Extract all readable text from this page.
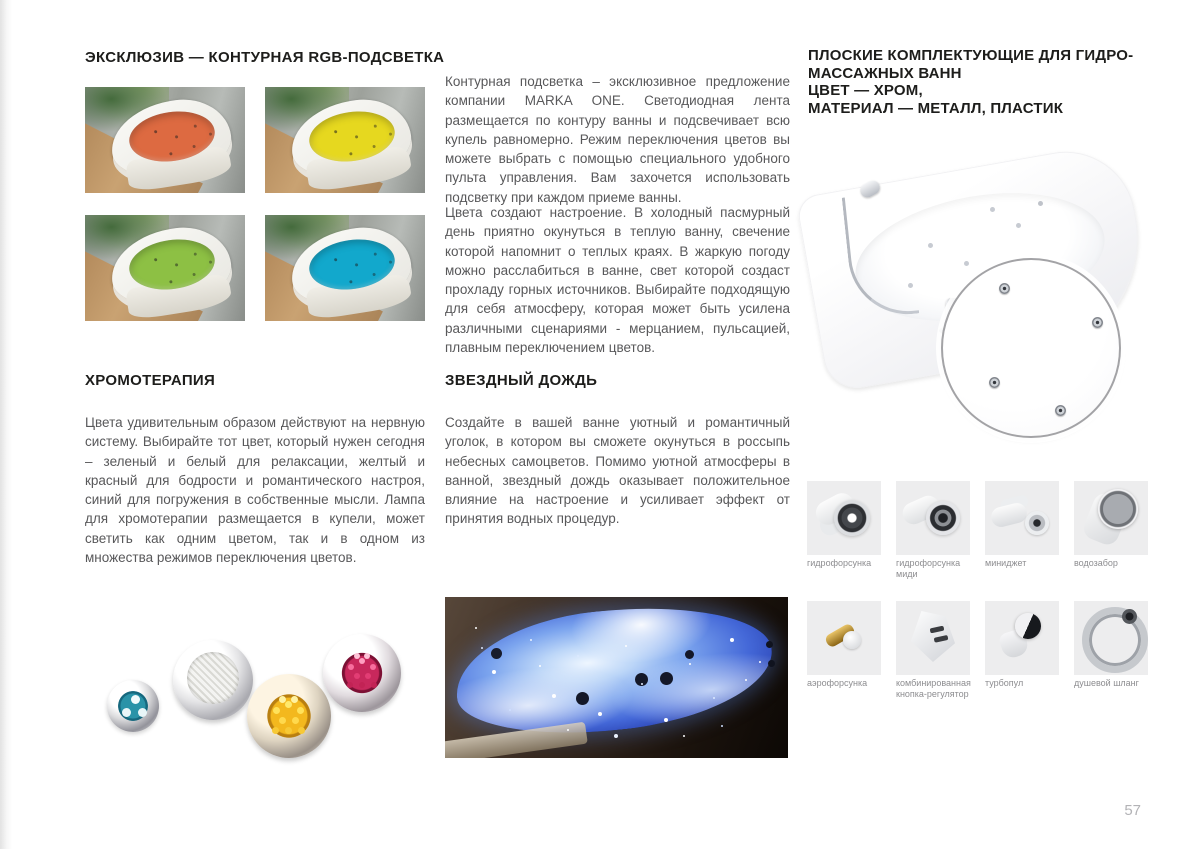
ЭКСКЛЮЗИВ — КОНТУРНАЯ RGB-ПОДСВЕТКА
ХРОМОТЕРАПИЯ

Цвета удивительным образом действуют на нервную систему. Выбирайте тот цвет, который нужен сегодня – зеленый и белый для релаксации, желтый и красный для бодрости и романтического настроя, синий для погружения в собственные мысли. Лампа для хромотерапии размещается в купели, может светить как одним цветом, так и в одном из множества режимов переключения цветов.

Контурная подсветка – эксклюзивное предложение компании MARKA ONE. Светодиодная лента размещается по контуру ванны и подсвечивает всю купель равномерно. Режим переключения цветов вы можете выбрать с помощью специального удобного пульта управления. Вам захочется использовать подсветку при каждом приеме ванны.

Цвета создают настроение. В холодный пасмурный день приятно окунуться в теплую ванну, свечение которой напомнит о теплых краях. В жаркую погоду можно расслабиться в ванне, свет которой создаст прохладу горных источников. Выбирайте подходящую для себя атмосферу, которая может быть усилена различными сценариями - мерцанием, пульсацией, плавным переключением цветов.

ЗВЕЗДНЫЙ ДОЖДЬ

Создайте в вашей ванне уютный и романтичный уголок, в котором вы сможете окунуться в россыпь небесных самоцветов. Помимо уютной атмосферы в ванной, звездный дождь оказывает положительное влияние на настроение и усиливает эффект от принятия водных процедур.

ПЛОСКИЕ КОМПЛЕКТУЮЩИЕ ДЛЯ ГИДРО-
МАССАЖНЫХ ВАНН
ЦВЕТ — ХРОМ,
МАТЕРИАЛ — МЕТАЛЛ, ПЛАСТИК
гидрофорсунка	гидрофорсунка миди
миниджет	водозабор
аэрофорсунка	комбинированная кнопка-регулятор
турбопул	душевой шланг
57
